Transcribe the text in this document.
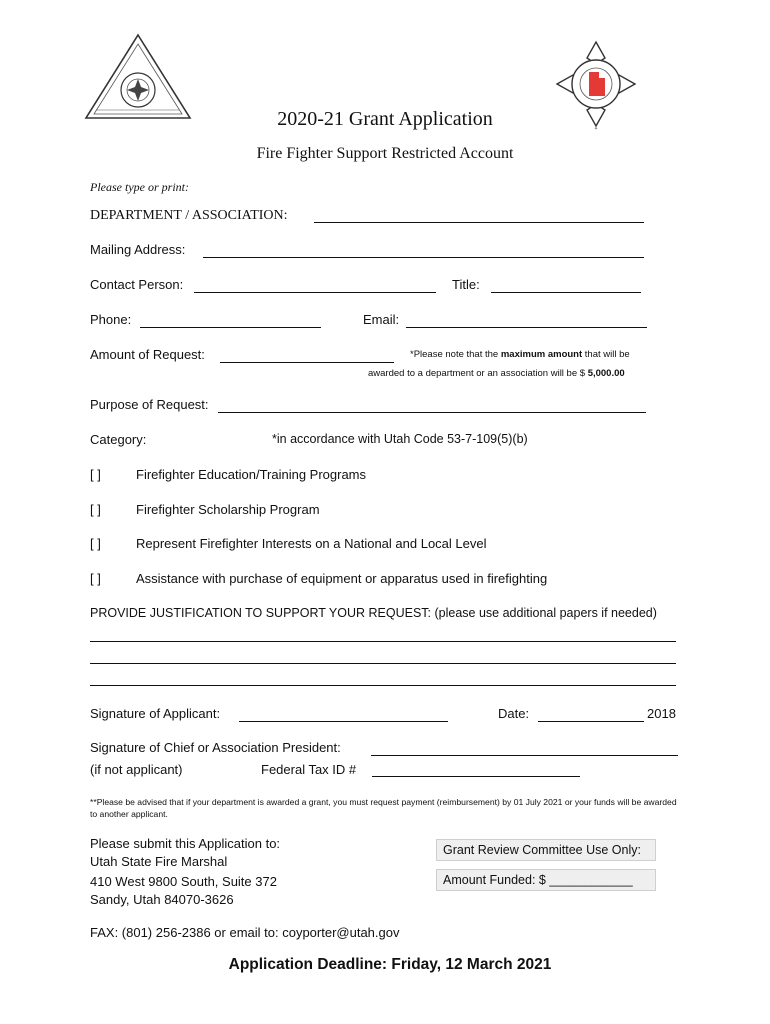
✦
2020-21 Grant Application
Fire Fighter Support Restricted Account
Please type or print:
DEPARTMENT / ASSOCIATION:
Mailing Address:
Contact Person:	Title:
Phone:	Email:
Amount of Request:	*Please note that the maximum amount that will be
awarded to a department or an association will be $ 5,000.00
Purpose of Request:
Category:	*in accordance with Utah Code 53-7-109(5)(b)
[ ]	Firefighter Education/Training Programs
[ ]	Firefighter Scholarship Program
[ ]	Represent Firefighter Interests on a National and Local Level
[ ]	Assistance with purchase of equipment or apparatus used in firefighting
PROVIDE JUSTIFICATION TO SUPPORT YOUR REQUEST: (please use additional papers if needed)
Signature of Applicant:	Date:	2018
Signature of Chief or Association President:
(if not applicant)	Federal Tax ID #
**Please be advised that if your department is awarded a grant, you must request payment (reimbursement) by 01 July 2021 or your funds will be awarded to another applicant.
Please submit this Application to:
Utah State Fire Marshal
410 West 9800 South, Suite 372
Sandy, Utah 84070-3626
Grant Review Committee Use Only:
Amount Funded: $ ____________
FAX: (801) 256-2386 or email to: coyporter@utah.gov
Application Deadline: Friday, 12 March 2021
